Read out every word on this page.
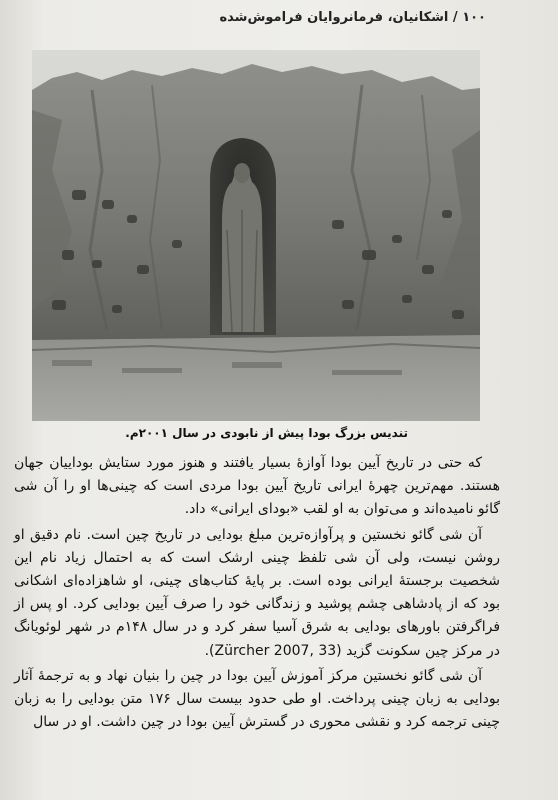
۱۰۰ / اشکانیان، فرمانروایان فراموش‌شده
تندیس بزرگ بودا پیش از نابودی در سال ۲۰۰۱م.

که حتی در تاریخ آیین بودا آوازهٔ بسیار یافتند و هنوز مورد ستایش بوداییان جهان هستند. مهم‌ترین چهرهٔ ایرانی تاریخ آیین بودا مردی است که چینی‌ها او را آن شی گائو نامیده‌اند و می‌توان به او لقب «بودای ایرانی» داد.

آن شی گائو نخستین و پرآوازه‌ترین مبلغ بودایی در تاریخ چین است. نام دقیق او روشن نیست، ولی آن شی تلفظ چینی ارشک است که به احتمال زیاد نام این شخصیت برجستهٔ ایرانی بوده است. بر پایهٔ کتاب‌های چینی، او شاهزاده‌ای اشکانی بود که از پادشاهی چشم پوشید و زندگانی خود را صرف آیین بودایی کرد. او پس از فراگرفتن باورهای بودایی به شرق آسیا سفر کرد و در سال ۱۴۸م در شهر لوئویانگ در مرکز چین سکونت گزید (Zürcher 2007, 33).

آن شی گائو نخستین مرکز آموزش آیین بودا در چین را بنیان نهاد و به ترجمهٔ آثار بودایی به زبان چینی پرداخت. او طی حدود بیست سال ۱۷۶ متن بودایی را به زبان چینی ترجمه کرد و نقشی محوری در گسترش آیین بودا در چین داشت. او در سال
